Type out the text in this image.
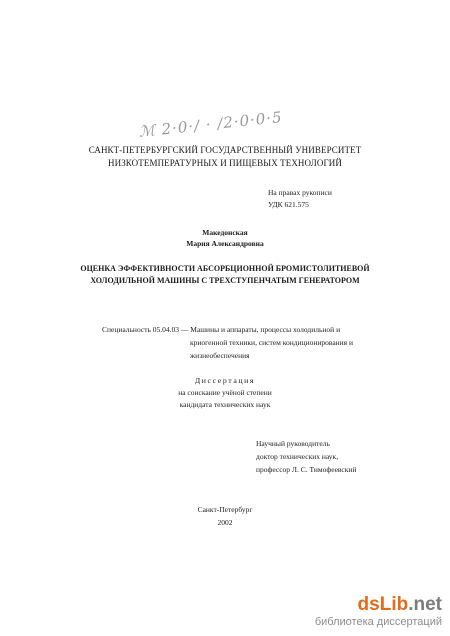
ℳ 2·0·/ · /2·0·0·5
САНКТ-ПЕТЕРБУРГСКИЙ ГОСУДАРСТВЕННЫЙ УНИВЕРСИТЕТ
НИЗКОТЕМПЕРАТУРНЫХ И ПИЩЕВЫХ ТЕХНОЛОГИЙ
На правах рукописи
УДК 621.575
Македонская
Мария Александровна
ОЦЕНКА ЭФФЕКТИВНОСТИ АБСОРБЦИОННОЙ БРОМИСТОЛИТИЕВОЙ
ХОЛОДИЛЬНОЙ МАШИНЫ С ТРЕХСТУПЕНЧАТЫМ ГЕНЕРАТОРОМ
Специальность 05.04.03 — Машины и аппараты, процессы холодильной и
криогенной техники, систем кондиционирования и
жизнеобеспечения
Диссертация
на соискание учёной степени
кандидата технических наук
Научный руководитель
доктор технических наук,
профессор Л. С. Тимофеевский
Санкт-Петербург
2002
dsLib.net
библиотека диссертаций
